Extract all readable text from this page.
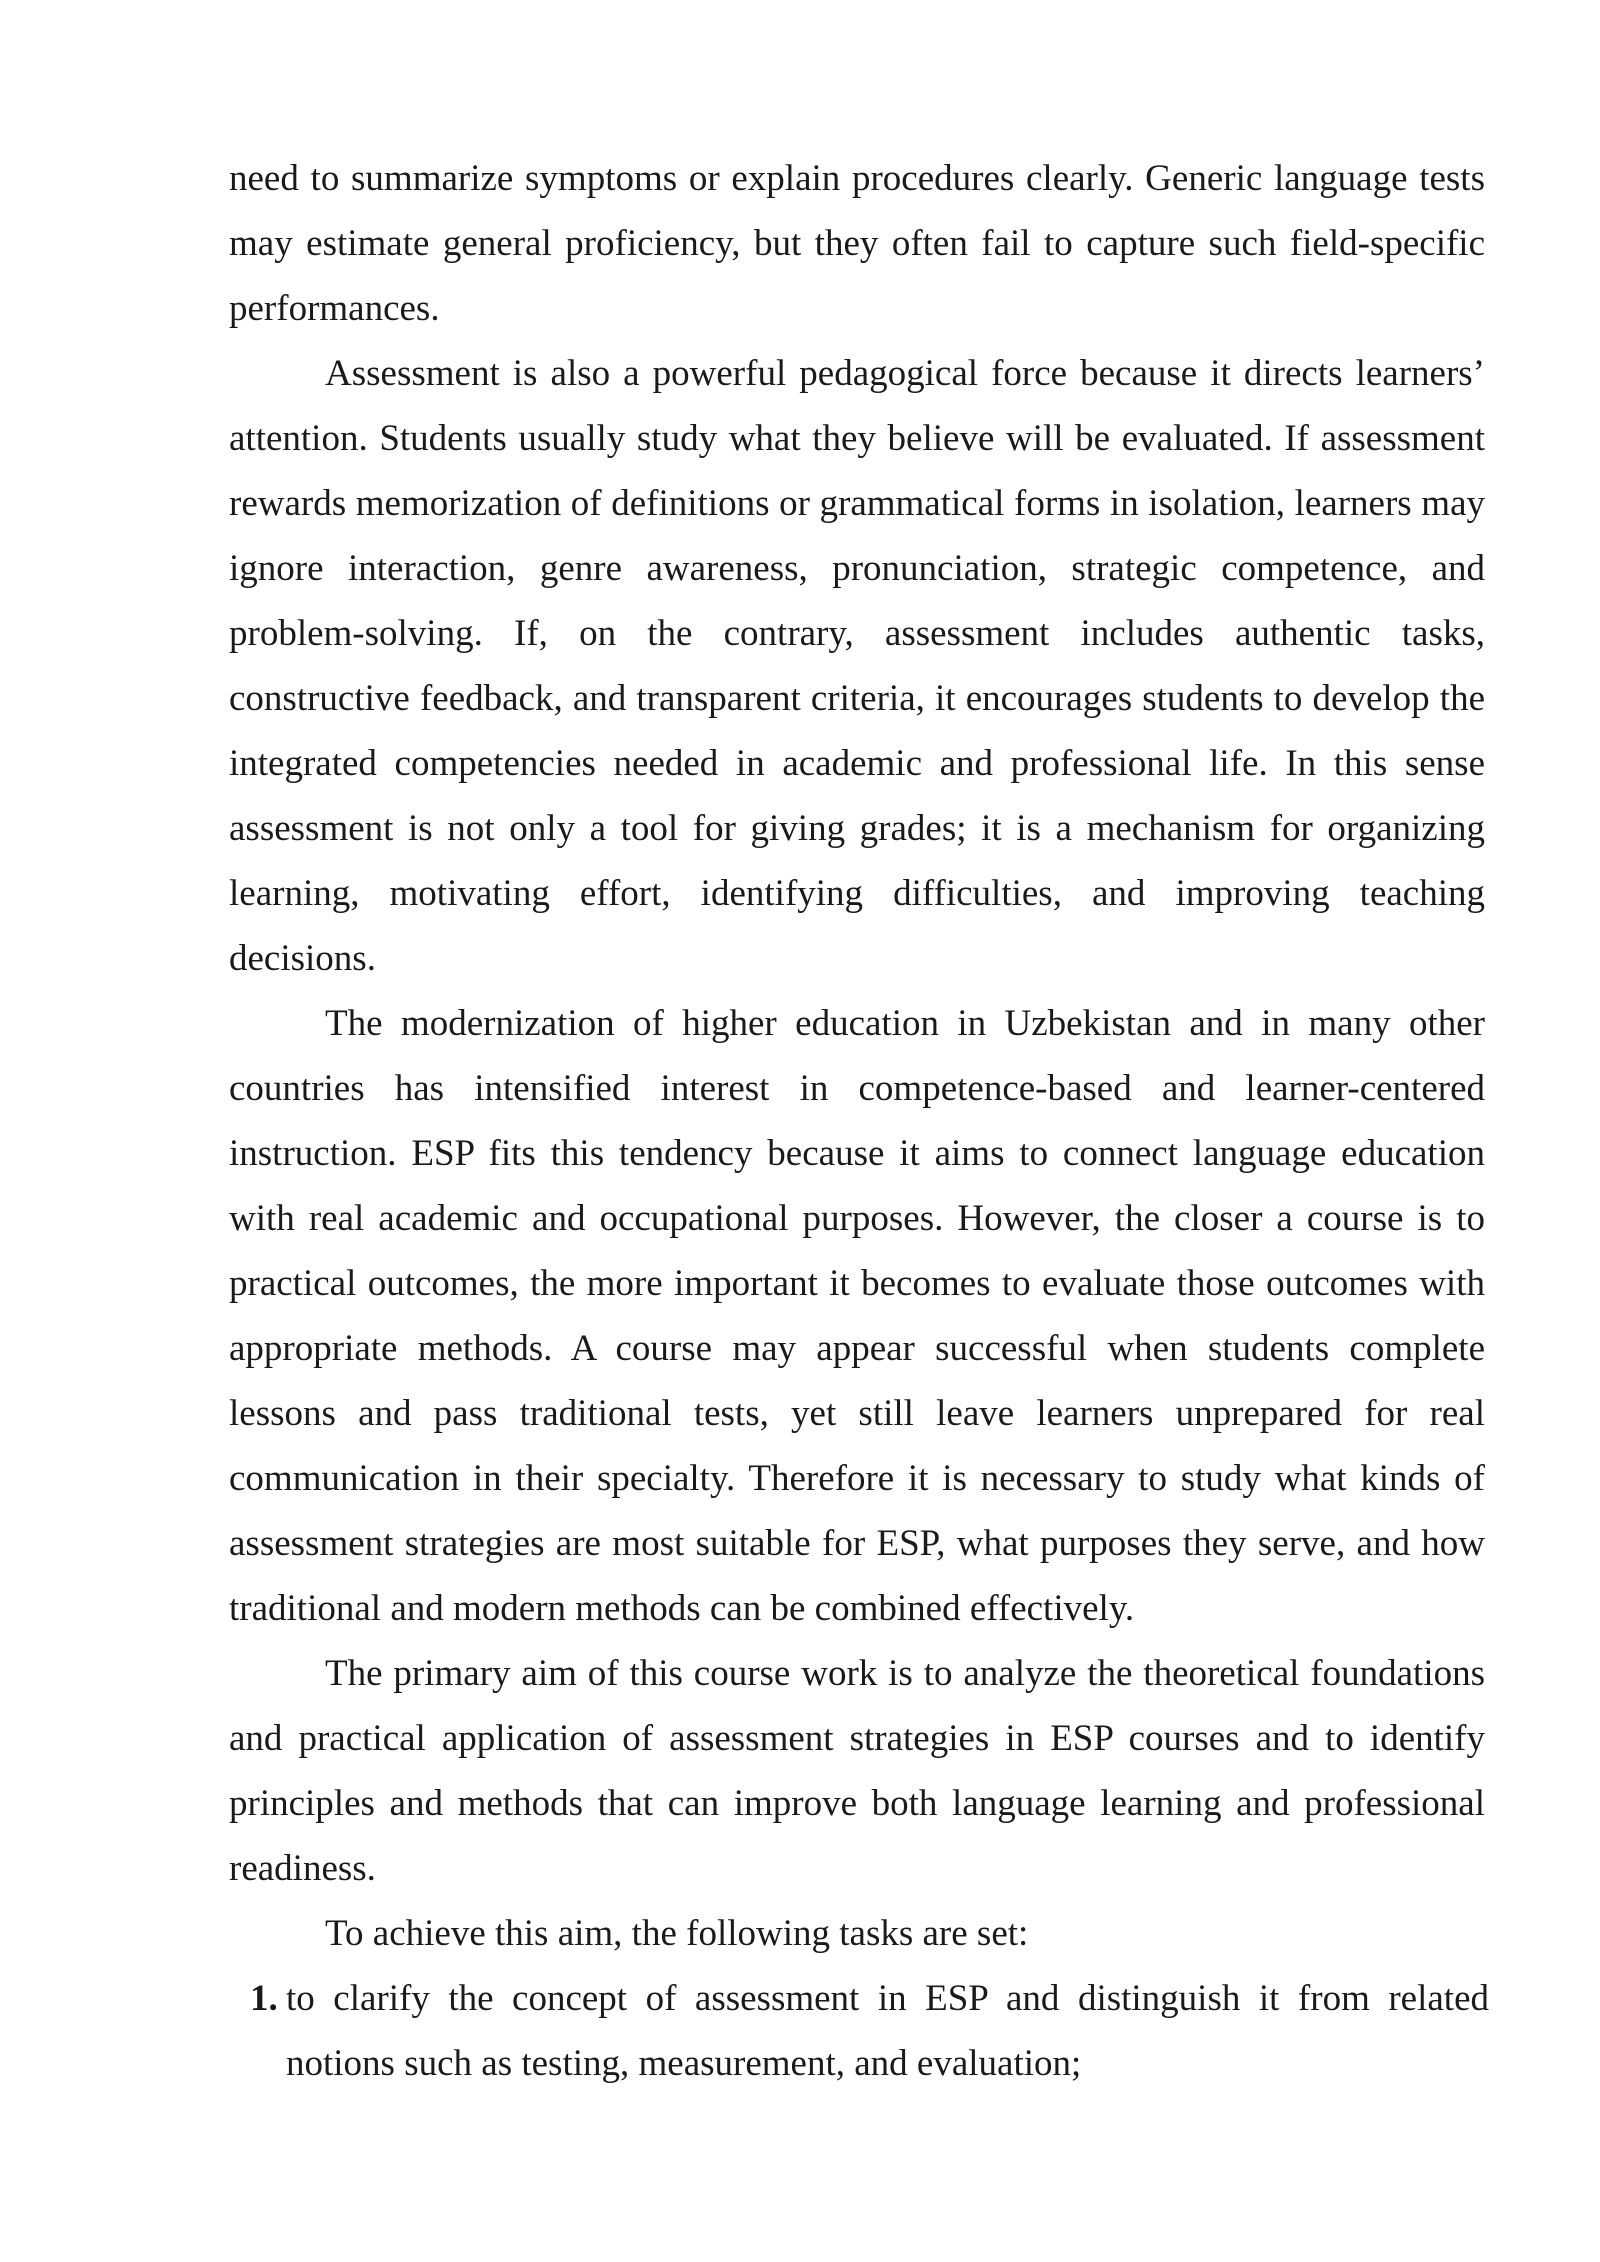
need to summarize symptoms or explain procedures clearly. Generic language tests may estimate general proficiency, but they often fail to capture such field-specific performances.

Assessment is also a powerful pedagogical force because it directs learners’ attention. Students usually study what they believe will be evaluated. If assessment rewards memorization of definitions or grammatical forms in isolation, learners may ignore interaction, genre awareness, pronunciation, strategic competence, and problem-solving. If, on the contrary, assessment includes authentic tasks, constructive feedback, and transparent criteria, it encourages students to develop the integrated competencies needed in academic and professional life. In this sense assessment is not only a tool for giving grades; it is a mechanism for organizing learning, motivating effort, identifying difficulties, and improving teaching decisions.

The modernization of higher education in Uzbekistan and in many other countries has intensified interest in competence-based and learner-centered instruction. ESP fits this tendency because it aims to connect language education with real academic and occupational purposes. However, the closer a course is to practical outcomes, the more important it becomes to evaluate those outcomes with appropriate methods. A course may appear successful when students complete lessons and pass traditional tests, yet still leave learners unprepared for real communication in their specialty. Therefore it is necessary to study what kinds of assessment strategies are most suitable for ESP, what purposes they serve, and how traditional and modern methods can be combined effectively.

The primary aim of this course work is to analyze the theoretical foundations and practical application of assessment strategies in ESP courses and to identify principles and methods that can improve both language learning and professional readiness.

To achieve this aim, the following tasks are set:

1. to clarify the concept of assessment in ESP and distinguish it from related notions such as testing, measurement, and evaluation;
